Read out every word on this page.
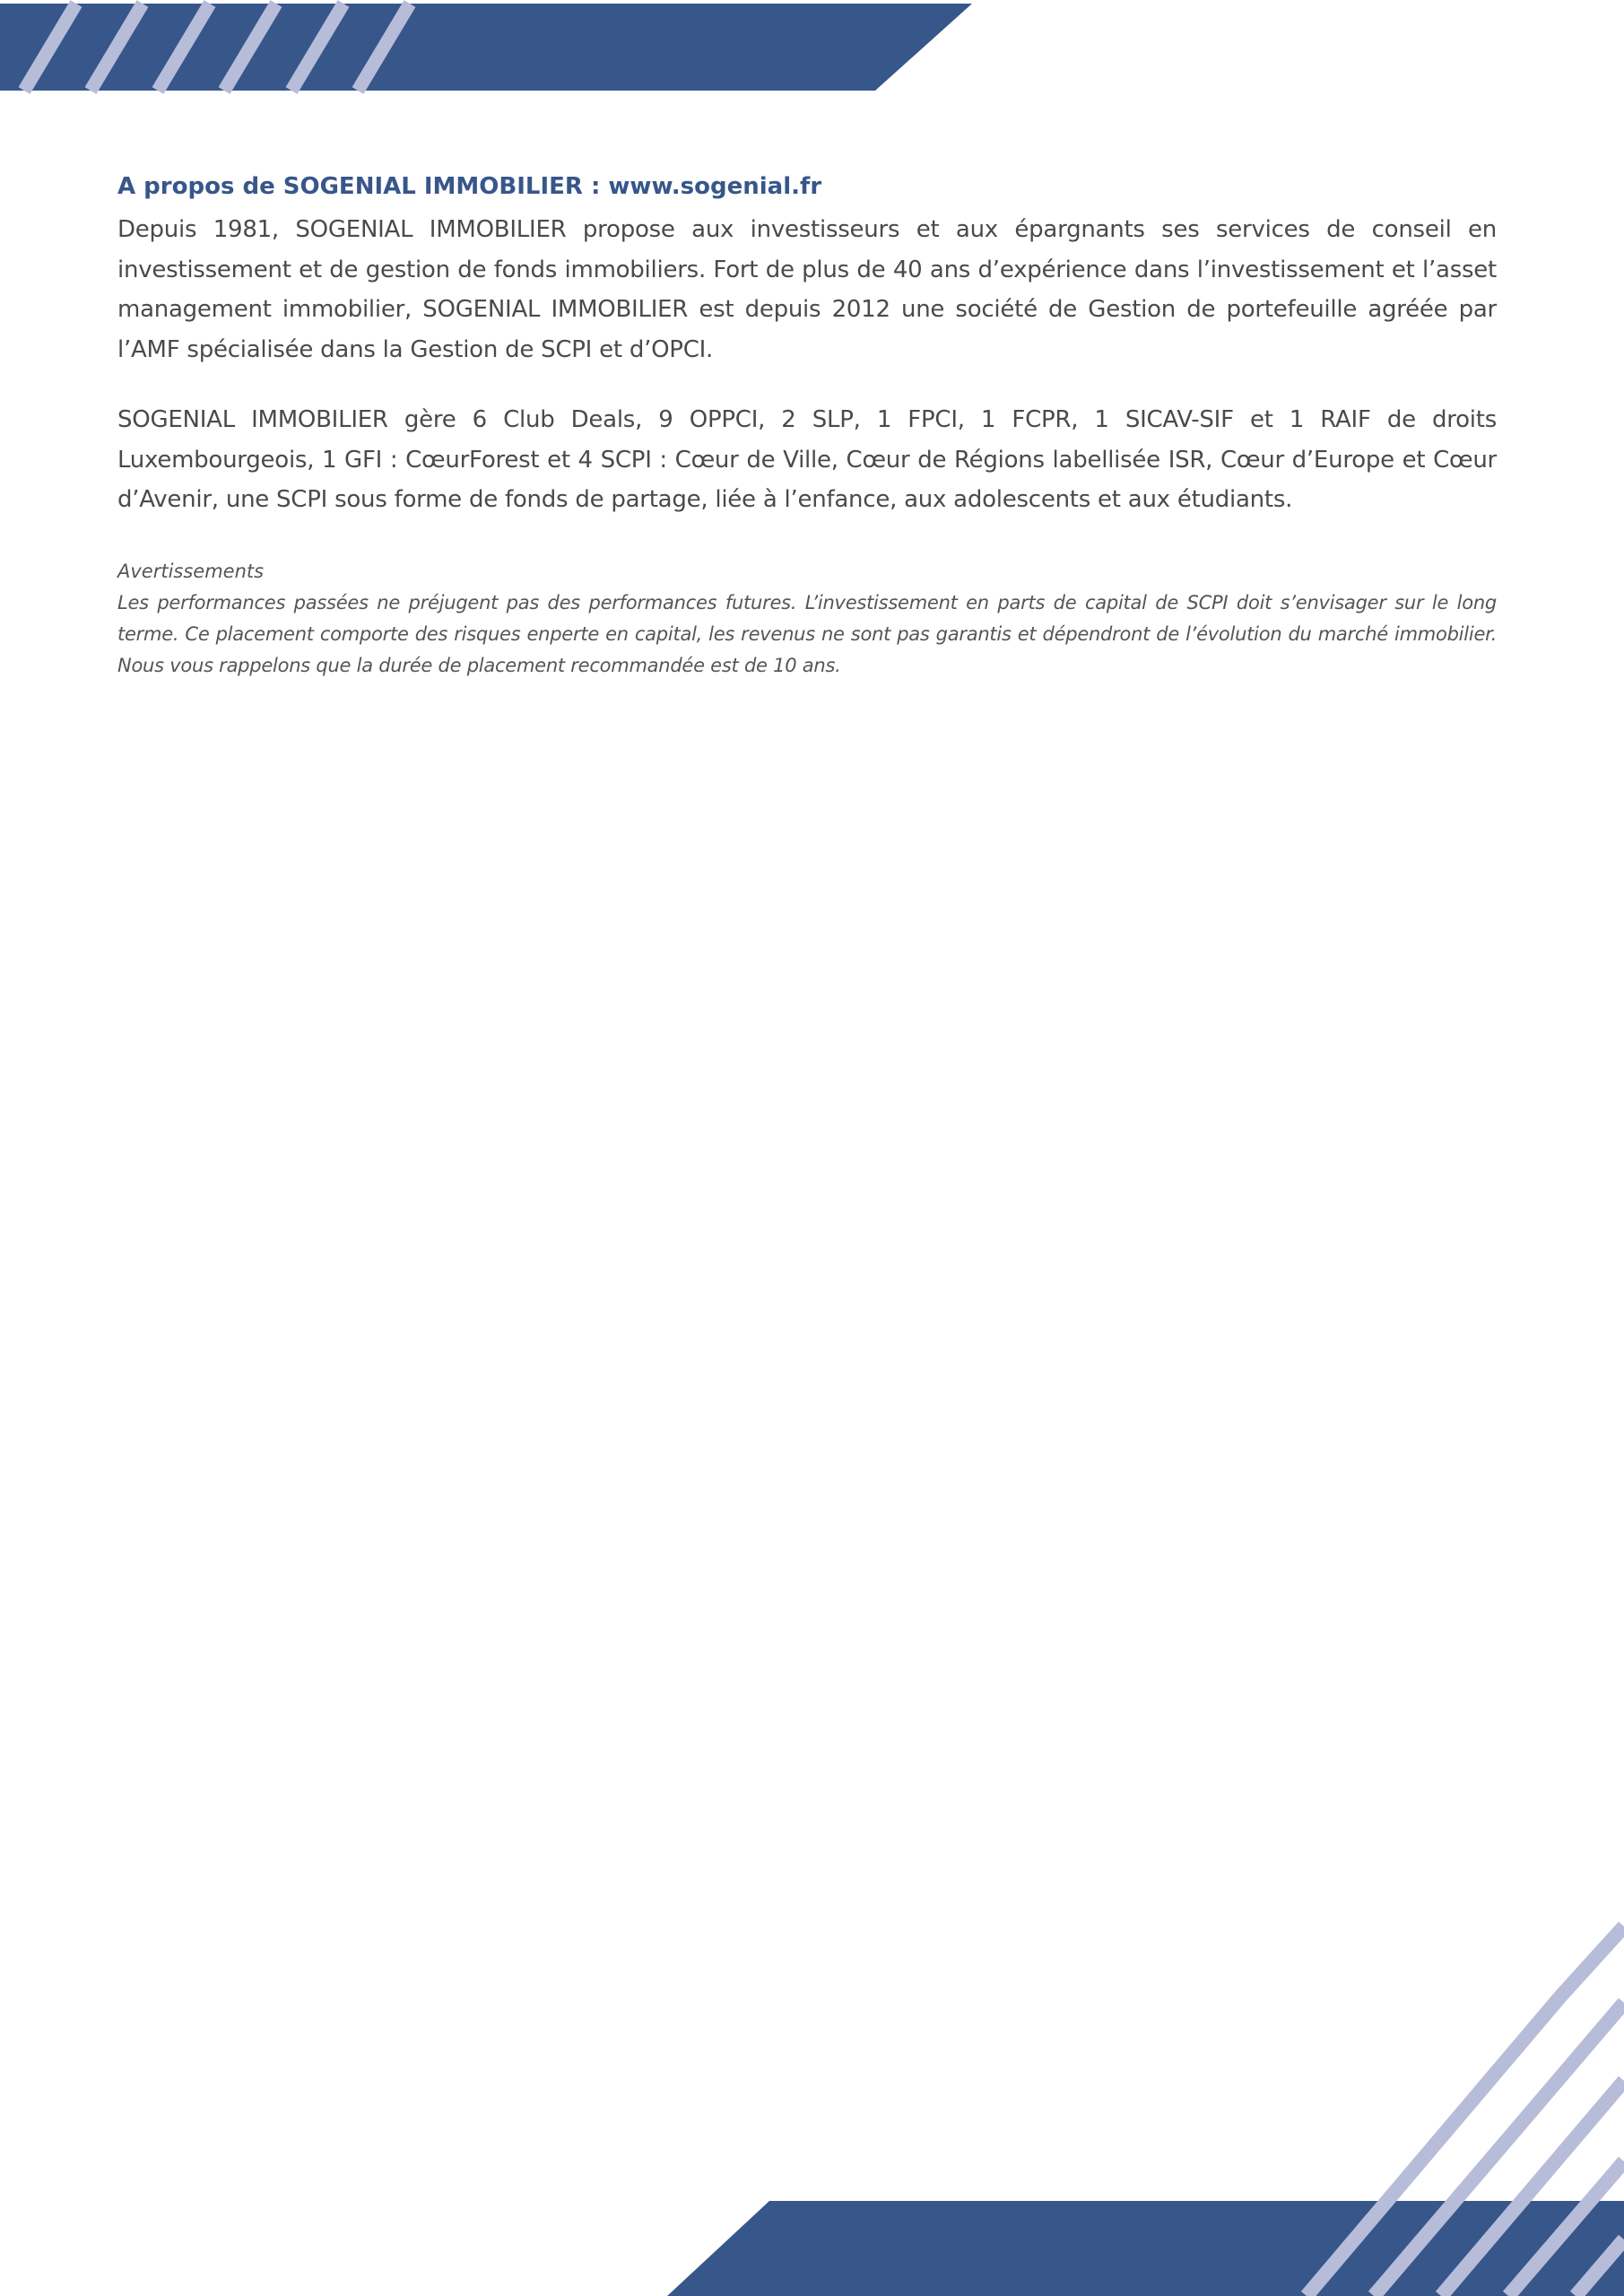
A propos de SOGENIAL IMMOBILIER : www.sogenial.fr

Depuis 1981, SOGENIAL IMMOBILIER propose aux investisseurs et aux épargnants ses services de conseil en investissement et de gestion de fonds immobiliers. Fort de plus de 40 ans d’expérience dans l’investissement et l’asset management immobilier, SOGENIAL IMMOBILIER est depuis 2012 une société de Gestion de portefeuille agréée par l’AMF spécialisée dans la Gestion de SCPI et d’OPCI.

SOGENIAL IMMOBILIER gère 6 Club Deals, 9 OPPCI, 2 SLP, 1 FPCI, 1 FCPR, 1 SICAV-SIF et 1 RAIF de droits Luxembourgeois, 1 GFI : CœurForest et 4 SCPI : Cœur de Ville, Cœur de Régions labellisée ISR, Cœur d’Europe et Cœur d’Avenir, une SCPI sous forme de fonds de partage, liée à l’enfance, aux adolescents et aux étudiants.

Avertissements

Les performances passées ne préjugent pas des performances futures. L’investissement en parts de capital de SCPI doit s’envisager sur le long terme. Ce placement comporte des risques enperte en capital, les revenus ne sont pas garantis et dépendront de l’évolution du marché immobilier. Nous vous rappelons que la durée de placement recommandée est de 10 ans.
